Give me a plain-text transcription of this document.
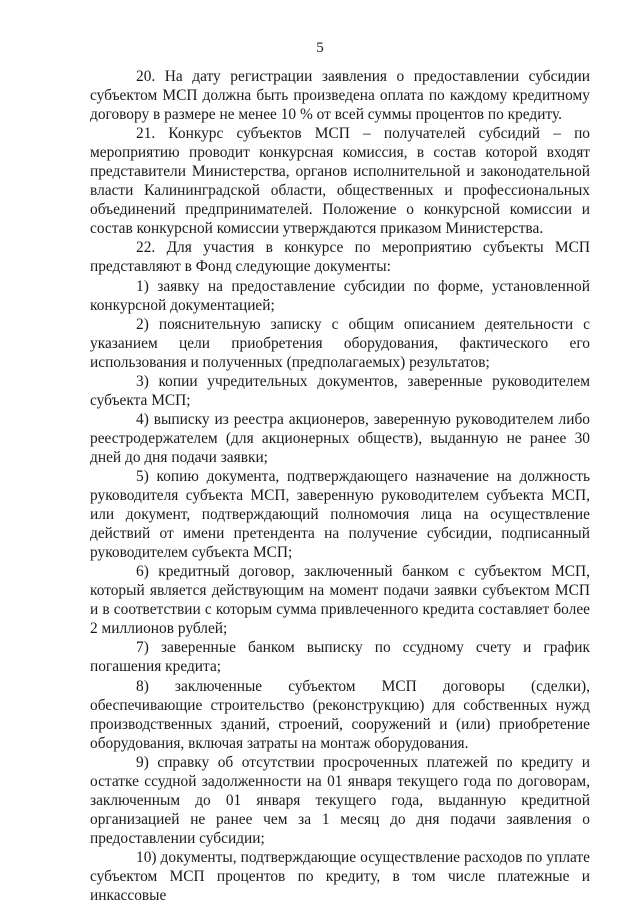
5

20. На дату регистрации заявления о предоставлении субсидии субъектом МСП должна быть произведена оплата по каждому кредитному договору в размере не менее 10 % от всей суммы процентов по кредиту.

21. Конкурс субъектов МСП – получателей субсидий – по мероприятию проводит конкурсная комиссия, в состав которой входят представители Министерства, органов исполнительной и законодательной власти Калининградской области, общественных и профессиональных объединений предпринимателей. Положение о конкурсной комиссии и состав конкурсной комиссии утверждаются приказом Министерства.

22. Для участия в конкурсе по мероприятию субъекты МСП представляют в Фонд следующие документы:

1) заявку на предоставление субсидии по форме, установленной конкурсной документацией;

2) пояснительную записку с общим описанием деятельности с указанием цели приобретения оборудования, фактического его использования и полученных (предполагаемых) результатов;

3) копии учредительных документов, заверенные руководителем субъекта МСП;

4) выписку из реестра акционеров, заверенную руководителем либо реестродержателем (для акционерных обществ), выданную не ранее 30 дней до дня подачи заявки;

5) копию документа, подтверждающего назначение на должность руководителя субъекта МСП, заверенную руководителем субъекта МСП, или документ, подтверждающий полномочия лица на осуществление действий от имени претендента на получение субсидии, подписанный руководителем субъекта МСП;

6) кредитный договор, заключенный банком с субъектом МСП, который является действующим на момент подачи заявки субъектом МСП и в соответствии с которым сумма привлеченного кредита составляет более 2 миллионов рублей;

7) заверенные банком выписку по ссудному счету и график погашения кредита;

8) заключенные субъектом МСП договоры (сделки), обеспечивающие строительство (реконструкцию) для собственных нужд производственных зданий, строений, сооружений и (или) приобретение оборудования, включая затраты на монтаж оборудования.

9) справку об отсутствии просроченных платежей по кредиту и остатке ссудной задолженности на 01 января текущего года по договорам, заключенным до 01 января текущего года, выданную кредитной организацией не ранее чем за 1 месяц до дня подачи заявления о предоставлении субсидии;

10) документы, подтверждающие осуществление расходов по уплате субъектом МСП процентов по кредиту, в том числе платежные и инкассовые
